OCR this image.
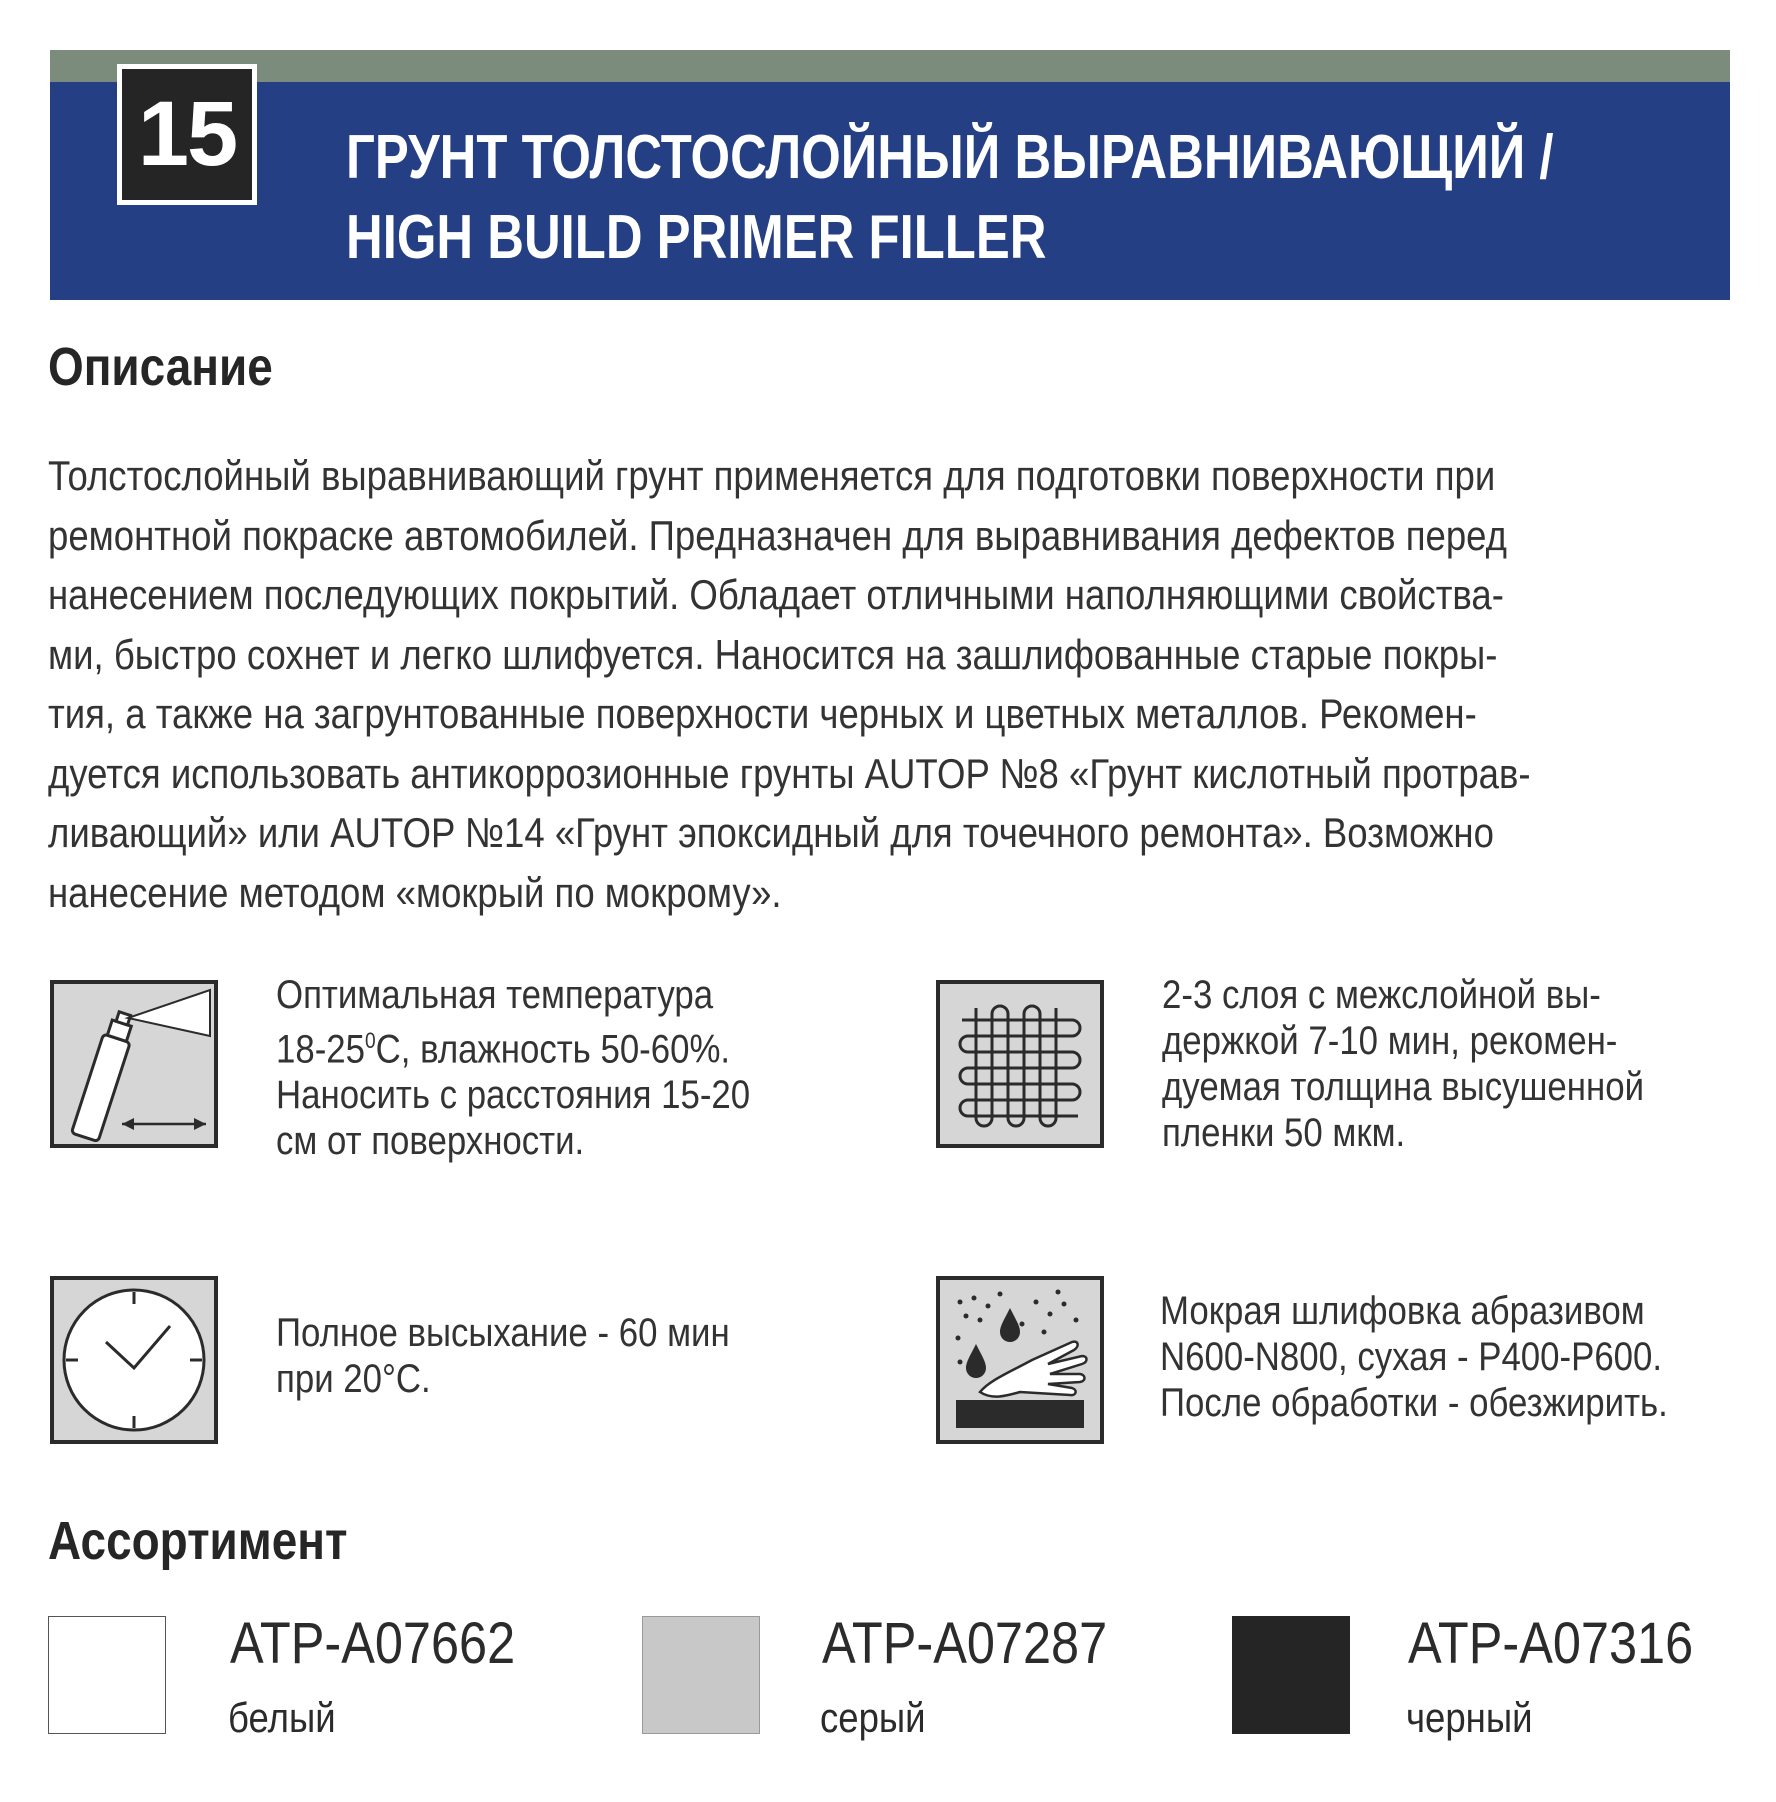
15	ГРУНТ ТОЛСТОСЛОЙНЫЙ ВЫРАВНИВАЮЩИЙ /
HIGH BUILD PRIMER FILLER
Описание
Толстослойный выравнивающий грунт применяется для подготовки поверхности при
ремонтной покраске автомобилей. Предназначен для выравнивания дефектов перед
нанесением последующих покрытий. Обладает отличными наполняющими свойства-
ми, быстро сохнет и легко шлифуется. Наносится на зашлифованные старые покры-
тия, а также на загрунтованные поверхности черных и цветных металлов. Рекомен-
дуется использовать антикоррозионные грунты AUTOP №8 «Грунт кислотный протрав-
ливающий» или AUTOP №14 «Грунт эпоксидный для точечного ремонта». Возможно
нанесение методом «мокрый по мокрому».
Оптимальная температура
$18-25^0С$, влажность 50-60%.
Наносить с расстояния 15-20
см от поверхности.
2-3 слоя с межслойной вы-
держкой 7-10 мин, рекомен-
дуемая толщина высушенной
пленки 50 мкм.
Полное высыхание - 60 мин
при 20°С.
Мокрая шлифовка абразивом
N600-N800, сухая - P400-P600.
После обработки - обезжирить.
Ассортимент
ATP-A07662
белый
ATP-A07287
серый
ATP-A07316
черный
